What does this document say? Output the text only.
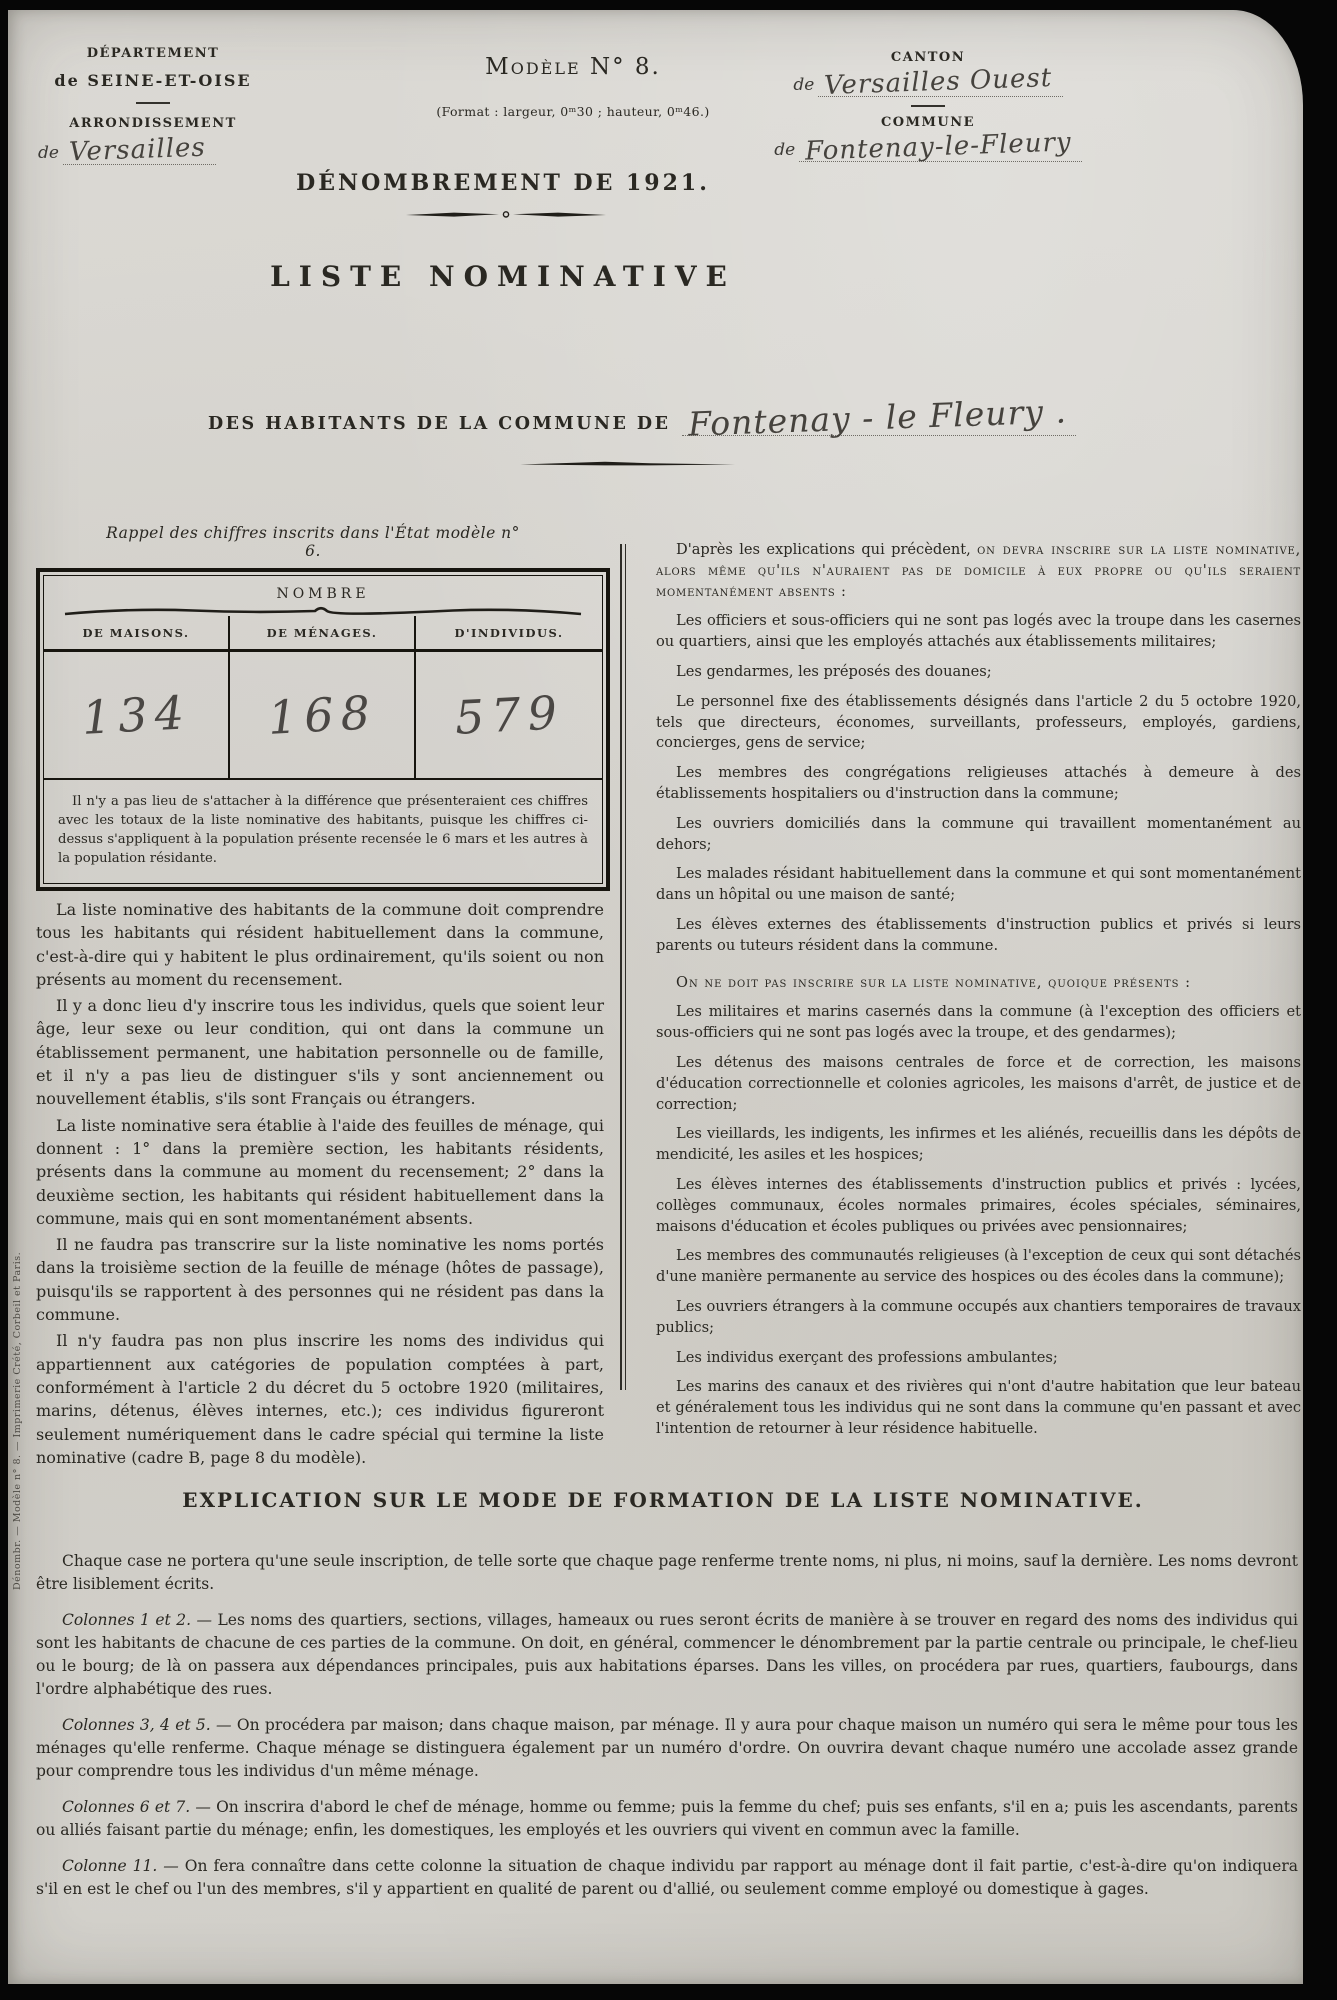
DÉPARTEMENT
de SEINE-ET-OISE
ARRONDISSEMENT
de Versailles
Modèle N° 8.
(Format : largeur, 0ᵐ30 ; hauteur, 0ᵐ46.)
CANTON
de Versailles Ouest
COMMUNE
de Fontenay-le-Fleury
DÉNOMBREMENT DE 1921.
LISTE NOMINATIVE
DES HABITANTS DE LA COMMUNE DE Fontenay - le Fleury .
Rappel des chiffres inscrits dans l'État modèle n° 6.
NOMBRE
DE MAISONS.	DE MÉNAGES.	D'INDIVIDUS.
134 168 579
Il n'y a pas lieu de s'attacher à la différence que présenteraient ces chiffres avec les totaux de la liste nominative des habitants, puisque les chiffres ci-dessus s'appliquent à la population présente recensée le 6 mars et les autres à la population résidante.

La liste nominative des habitants de la commune doit comprendre tous les habitants qui résident habituellement dans la commune, c'est-à-dire qui y habitent le plus ordinairement, qu'ils soient ou non présents au moment du recensement.

Il y a donc lieu d'y inscrire tous les individus, quels que soient leur âge, leur sexe ou leur condition, qui ont dans la commune un établissement permanent, une habitation personnelle ou de famille, et il n'y a pas lieu de distinguer s'ils y sont anciennement ou nouvellement établis, s'ils sont Français ou étrangers.

La liste nominative sera établie à l'aide des feuilles de ménage, qui donnent : 1° dans la première section, les habitants résidents, présents dans la commune au moment du recensement; 2° dans la deuxième section, les habitants qui résident habituellement dans la commune, mais qui en sont momentanément absents.

Il ne faudra pas transcrire sur la liste nominative les noms portés dans la troisième section de la feuille de ménage (hôtes de passage), puisqu'ils se rapportent à des personnes qui ne résident pas dans la commune.

Il n'y faudra pas non plus inscrire les noms des individus qui appartiennent aux catégories de population comptées à part, conformément à l'article 2 du décret du 5 octobre 1920 (militaires, marins, détenus, élèves internes, etc.); ces individus figureront seulement numériquement dans le cadre spécial qui termine la liste nominative (cadre B, page 8 du modèle).

D'après les explications qui précèdent, on devra inscrire sur la liste nominative, alors même qu'ils n'auraient pas de domicile à eux propre ou qu'ils seraient momentanément absents :

Les officiers et sous-officiers qui ne sont pas logés avec la troupe dans les casernes ou quartiers, ainsi que les employés attachés aux établissements militaires;

Les gendarmes, les préposés des douanes;

Le personnel fixe des établissements désignés dans l'article 2 du 5 octobre 1920, tels que directeurs, économes, surveillants, professeurs, employés, gardiens, concierges, gens de service;

Les membres des congrégations religieuses attachés à demeure à des établissements hospitaliers ou d'instruction dans la commune;

Les ouvriers domiciliés dans la commune qui travaillent momentanément au dehors;

Les malades résidant habituellement dans la commune et qui sont momentanément dans un hôpital ou une maison de santé;

Les élèves externes des établissements d'instruction publics et privés si leurs parents ou tuteurs résident dans la commune.

On ne doit pas inscrire sur la liste nominative, quoique présents :

Les militaires et marins casernés dans la commune (à l'exception des officiers et sous-officiers qui ne sont pas logés avec la troupe, et des gendarmes);

Les détenus des maisons centrales de force et de correction, les maisons d'éducation correctionnelle et colonies agricoles, les maisons d'arrêt, de justice et de correction;

Les vieillards, les indigents, les infirmes et les aliénés, recueillis dans les dépôts de mendicité, les asiles et les hospices;

Les élèves internes des établissements d'instruction publics et privés : lycées, collèges communaux, écoles normales primaires, écoles spéciales, séminaires, maisons d'éducation et écoles publiques ou privées avec pensionnaires;

Les membres des communautés religieuses (à l'exception de ceux qui sont détachés d'une manière permanente au service des hospices ou des écoles dans la commune);

Les ouvriers étrangers à la commune occupés aux chantiers temporaires de travaux publics;

Les individus exerçant des professions ambulantes;

Les marins des canaux et des rivières qui n'ont d'autre habitation que leur bateau et généralement tous les individus qui ne sont dans la commune qu'en passant et avec l'intention de retourner à leur résidence habituelle.

EXPLICATION SUR LE MODE DE FORMATION DE LA LISTE NOMINATIVE.

Chaque case ne portera qu'une seule inscription, de telle sorte que chaque page renferme trente noms, ni plus, ni moins, sauf la dernière. Les noms devront être lisiblement écrits.

Colonnes 1 et 2. — Les noms des quartiers, sections, villages, hameaux ou rues seront écrits de manière à se trouver en regard des noms des individus qui sont les habitants de chacune de ces parties de la commune. On doit, en général, commencer le dénombrement par la partie centrale ou principale, le chef-lieu ou le bourg; de là on passera aux dépendances principales, puis aux habitations éparses. Dans les villes, on procédera par rues, quartiers, faubourgs, dans l'ordre alphabétique des rues.

Colonnes 3, 4 et 5. — On procédera par maison; dans chaque maison, par ménage. Il y aura pour chaque maison un numéro qui sera le même pour tous les ménages qu'elle renferme. Chaque ménage se distinguera également par un numéro d'ordre. On ouvrira devant chaque numéro une accolade assez grande pour comprendre tous les individus d'un même ménage.

Colonnes 6 et 7. — On inscrira d'abord le chef de ménage, homme ou femme; puis la femme du chef; puis ses enfants, s'il en a; puis les ascendants, parents ou alliés faisant partie du ménage; enfin, les domestiques, les employés et les ouvriers qui vivent en commun avec la famille.

Colonne 11. — On fera connaître dans cette colonne la situation de chaque individu par rapport au ménage dont il fait partie, c'est-à-dire qu'on indiquera s'il en est le chef ou l'un des membres, s'il y appartient en qualité de parent ou d'allié, ou seulement comme employé ou domestique à gages.

Dénombr. — Modèle n° 8. — Imprimerie Crété, Corbeil et Paris.
